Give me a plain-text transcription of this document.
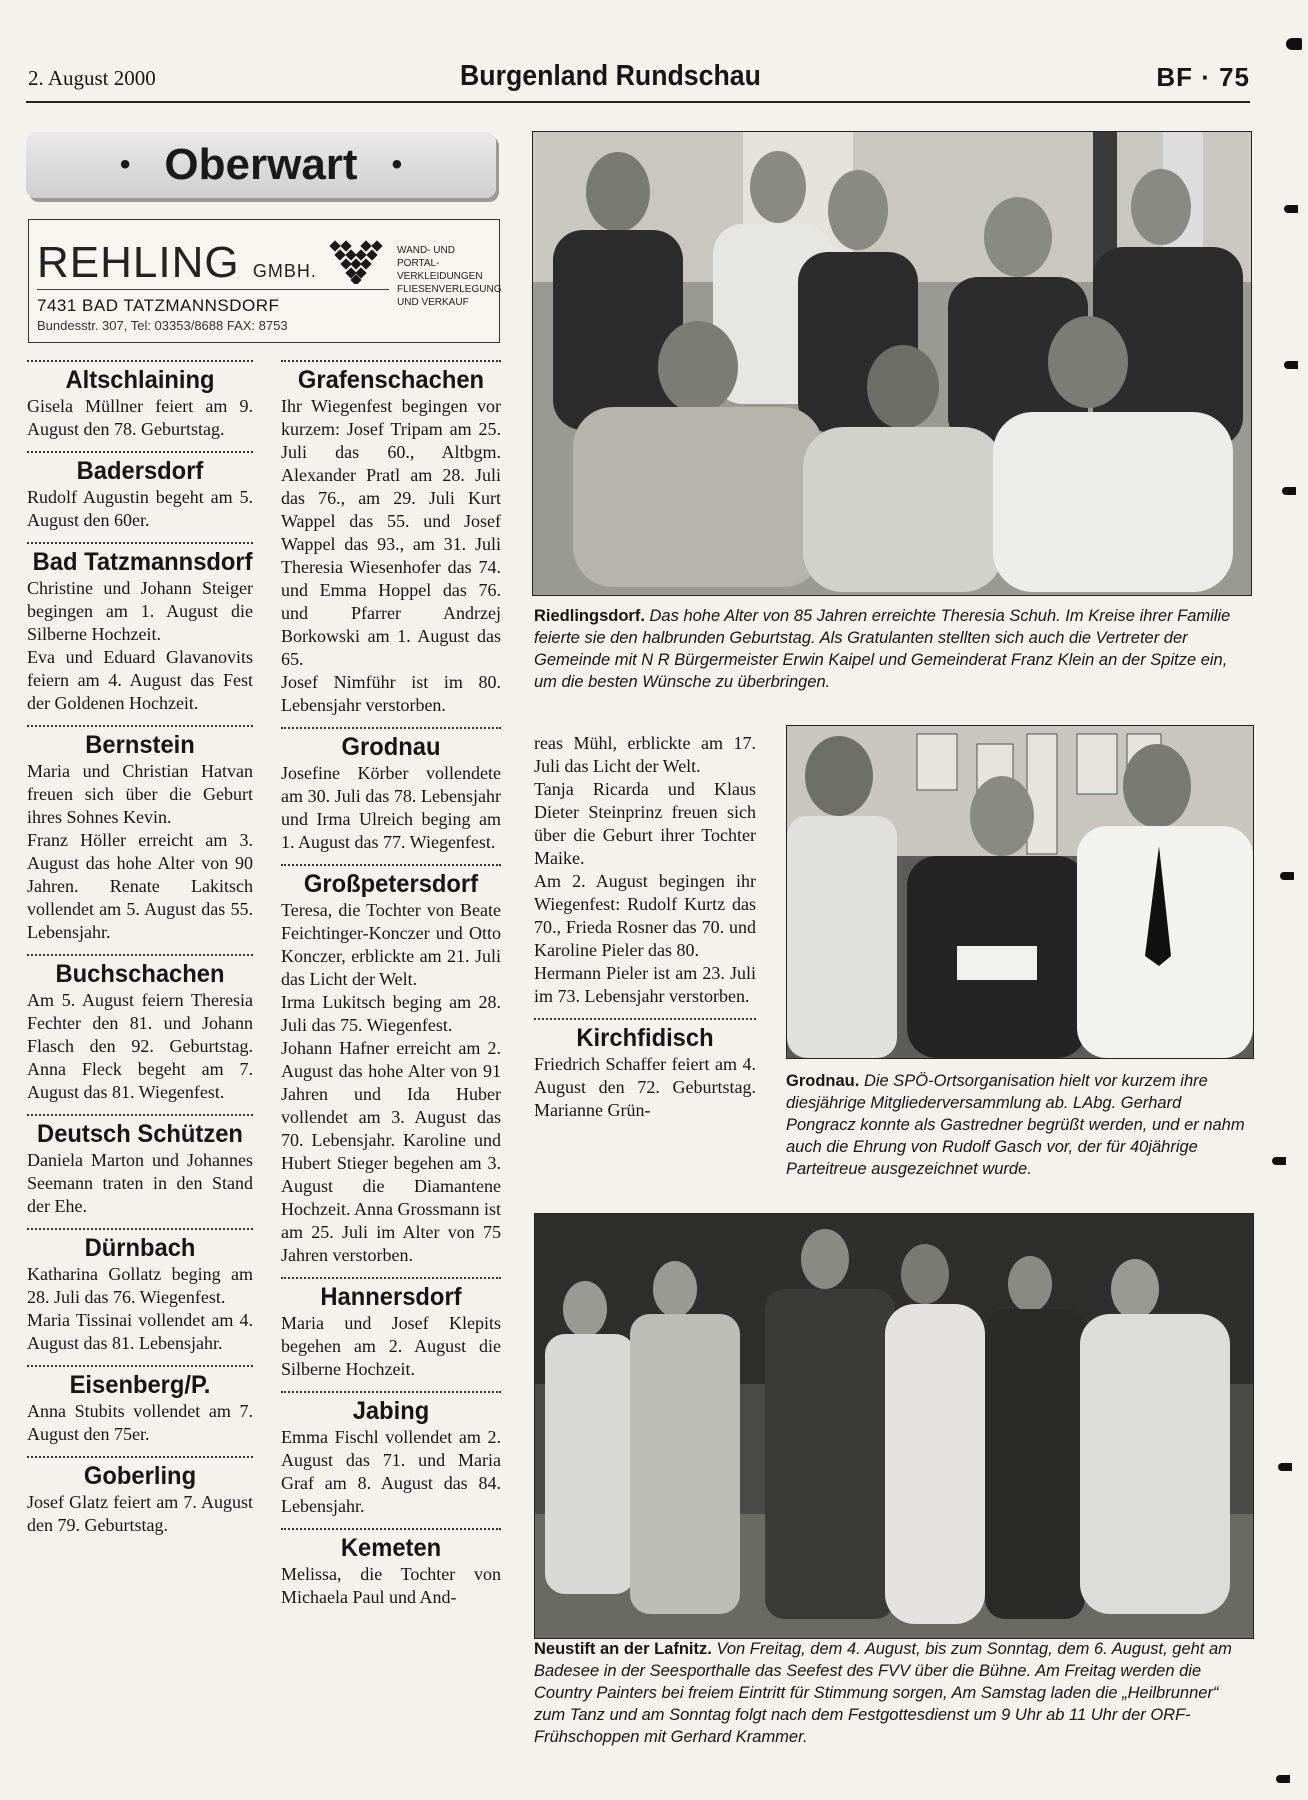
2. August 2000	Burgenland Rundschau	BF · 75
• Oberwart •
REHLING GMBH.
7431 BAD TATZMANNSDORF
Bundesstr. 307, Tel: 03353/8688 FAX: 8753
WAND- UND
PORTAL-
VERKLEIDUNGEN
FLIESENVERLEGUNG
UND VERKAUF
Altschlaining

Gisela Müllner feiert am 9. August den 78. Geburtstag.

Badersdorf

Rudolf Augustin begeht am 5. August den 60er.

Bad Tatzmannsdorf

Christine und Johann Steiger begingen am 1. August die Silberne Hochzeit.

Eva und Eduard Glavanovits feiern am 4. August das Fest der Goldenen Hochzeit.

Bernstein

Maria und Christian Hatvan freuen sich über die Geburt ihres Sohnes Kevin.

Franz Höller erreicht am 3. August das hohe Alter von 90 Jahren. Renate Lakitsch vollendet am 5. August das 55. Lebensjahr.

Buchschachen

Am 5. August feiern Theresia Fechter den 81. und Johann Flasch den 92. Geburtstag. Anna Fleck begeht am 7. August das 81. Wiegenfest.

Deutsch Schützen

Daniela Marton und Johannes Seemann traten in den Stand der Ehe.

Dürnbach

Katharina Gollatz beging am 28. Juli das 76. Wiegenfest.

Maria Tissinai vollendet am 4. August das 81. Lebensjahr.

Eisenberg/P.

Anna Stubits vollendet am 7. August den 75er.

Goberling

Josef Glatz feiert am 7. August den 79. Geburtstag.

Grafenschachen

Ihr Wiegenfest begingen vor kurzem: Josef Tripam am 25. Juli das 60., Altbgm. Alexander Pratl am 28. Juli das 76., am 29. Juli Kurt Wappel das 55. und Josef Wappel das 93., am 31. Juli Theresia Wiesenhofer das 74. und Emma Hoppel das 76. und Pfarrer Andrzej Borkowski am 1. August das 65.

Josef Nimführ ist im 80. Lebensjahr verstorben.

Grodnau

Josefine Körber vollendete am 30. Juli das 78. Lebensjahr und Irma Ulreich beging am 1. August das 77. Wiegenfest.

Großpetersdorf

Teresa, die Tochter von Beate Feichtinger-Konczer und Otto Konczer, erblickte am 21. Juli das Licht der Welt.

Irma Lukitsch beging am 28. Juli das 75. Wiegenfest.

Johann Hafner erreicht am 2. August das hohe Alter von 91 Jahren und Ida Huber vollendet am 3. August das 70. Lebensjahr. Karoline und Hubert Stieger begehen am 3. August die Diamantene Hochzeit. Anna Grossmann ist am 25. Juli im Alter von 75 Jahren verstorben.

Hannersdorf

Maria und Josef Klepits begehen am 2. August die Silberne Hochzeit.

Jabing

Emma Fischl vollendet am 2. August das 71. und Maria Graf am 8. August das 84. Lebensjahr.

Kemeten

Melissa, die Tochter von Michaela Paul und And-

reas Mühl, erblickte am 17. Juli das Licht der Welt.

Tanja Ricarda und Klaus Dieter Steinprinz freuen sich über die Geburt ihrer Tochter Maike.

Am 2. August begingen ihr Wiegenfest: Rudolf Kurtz das 70., Frieda Rosner das 70. und Karoline Pieler das 80.

Hermann Pieler ist am 23. Juli im 73. Lebensjahr verstorben.

Kirchfidisch

Friedrich Schaffer feiert am 4. August den 72. Geburtstag. Marianne Grün-

Riedlingsdorf. Das hohe Alter von 85 Jahren erreichte Theresia Schuh. Im Kreise ihrer Familie feierte sie den halbrunden Geburtstag. Als Gratulanten stellten sich auch die Vertreter der Gemeinde mit N R Bürgermeister Erwin Kaipel und Gemeinderat Franz Klein an der Spitze ein, um die besten Wünsche zu überbringen.
Grodnau. Die SPÖ-Ortsorganisation hielt vor kurzem ihre diesjährige Mitgliederversammlung ab. LAbg. Gerhard Pongracz konnte als Gastredner begrüßt werden, und er nahm auch die Ehrung von Rudolf Gasch vor, der für 40jährige Parteitreue ausgezeichnet wurde.
Neustift an der Lafnitz. Von Freitag, dem 4. August, bis zum Sonntag, dem 6. August, geht am Badesee in der Seesporthalle das Seefest des FVV über die Bühne. Am Freitag werden die Country Painters bei freiem Eintritt für Stimmung sorgen, Am Samstag laden die „Heilbrunner“ zum Tanz und am Sonntag folgt nach dem Festgottesdienst um 9 Uhr ab 11 Uhr der ORF-Frühschoppen mit Gerhard Krammer.
